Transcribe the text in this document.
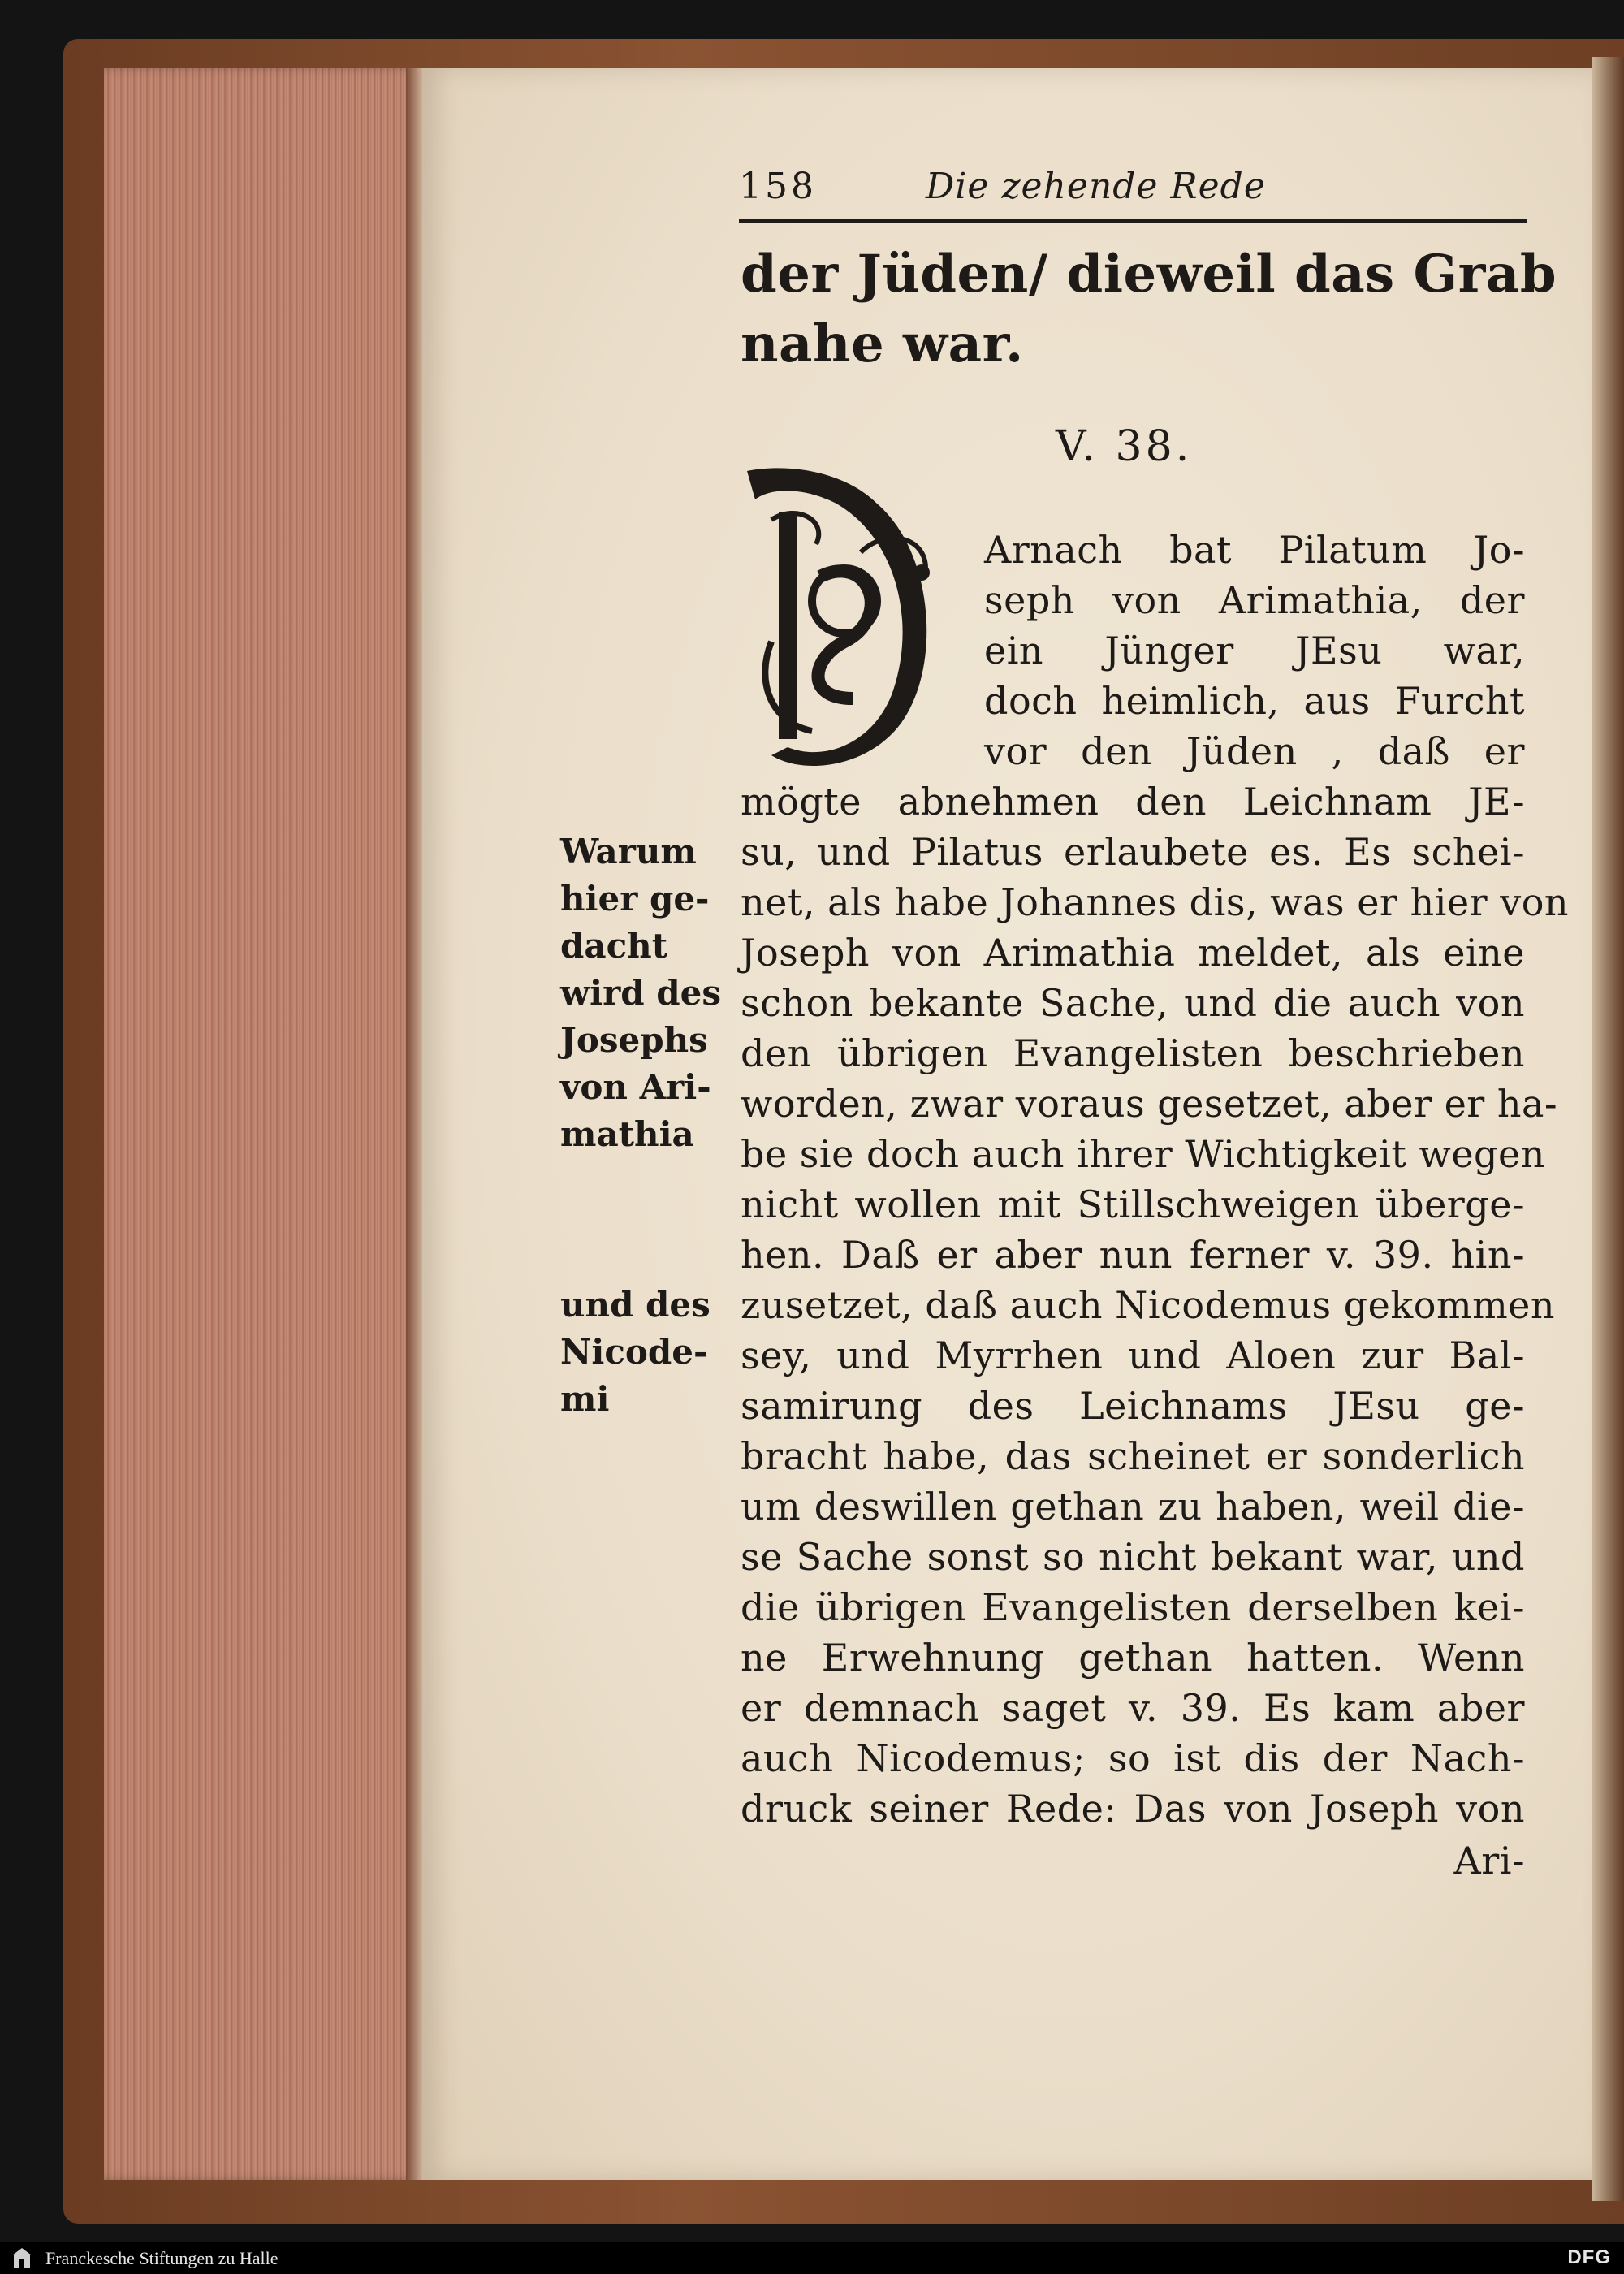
158	Die zehende Rede
der Jüden/ dieweil das Grab
nahe war.
V. 38.
D
Arnach bat Pilatum Jo-
seph von Arimathia, der
ein Jünger JEsu war,
doch heimlich, aus Furcht
vor den Jüden , daß er
mögte abnehmen den Leichnam JE-
su, und Pilatus erlaubete es. Es schei-
net, als habe Johannes dis, was er hier von
Joseph von Arimathia meldet, als eine
schon bekante Sache, und die auch von
den übrigen Evangelisten beschrieben
worden, zwar voraus gesetzet, aber er ha-
be sie doch auch ihrer Wichtigkeit wegen
nicht wollen mit Stillschweigen überge-
hen. Daß er aber nun ferner v. 39. hin-
zusetzet, daß auch Nicodemus gekommen
sey, und Myrrhen und Aloen zur Bal-
samirung des Leichnams JEsu ge-
bracht habe, das scheinet er sonderlich
um deswillen gethan zu haben, weil die-
se Sache sonst so nicht bekant war, und
die übrigen Evangelisten derselben kei-
ne Erwehnung gethan hatten. Wenn
er demnach saget v. 39. Es kam aber
auch Nicodemus; so ist dis der Nach-
druck seiner Rede: Das von Joseph von
Ari-
Warum
hier ge-
dacht
wird des
Josephs
von Ari-
mathia
und des
Nicode-
mi
Franckesche Stiftungen zu Halle	DFG
